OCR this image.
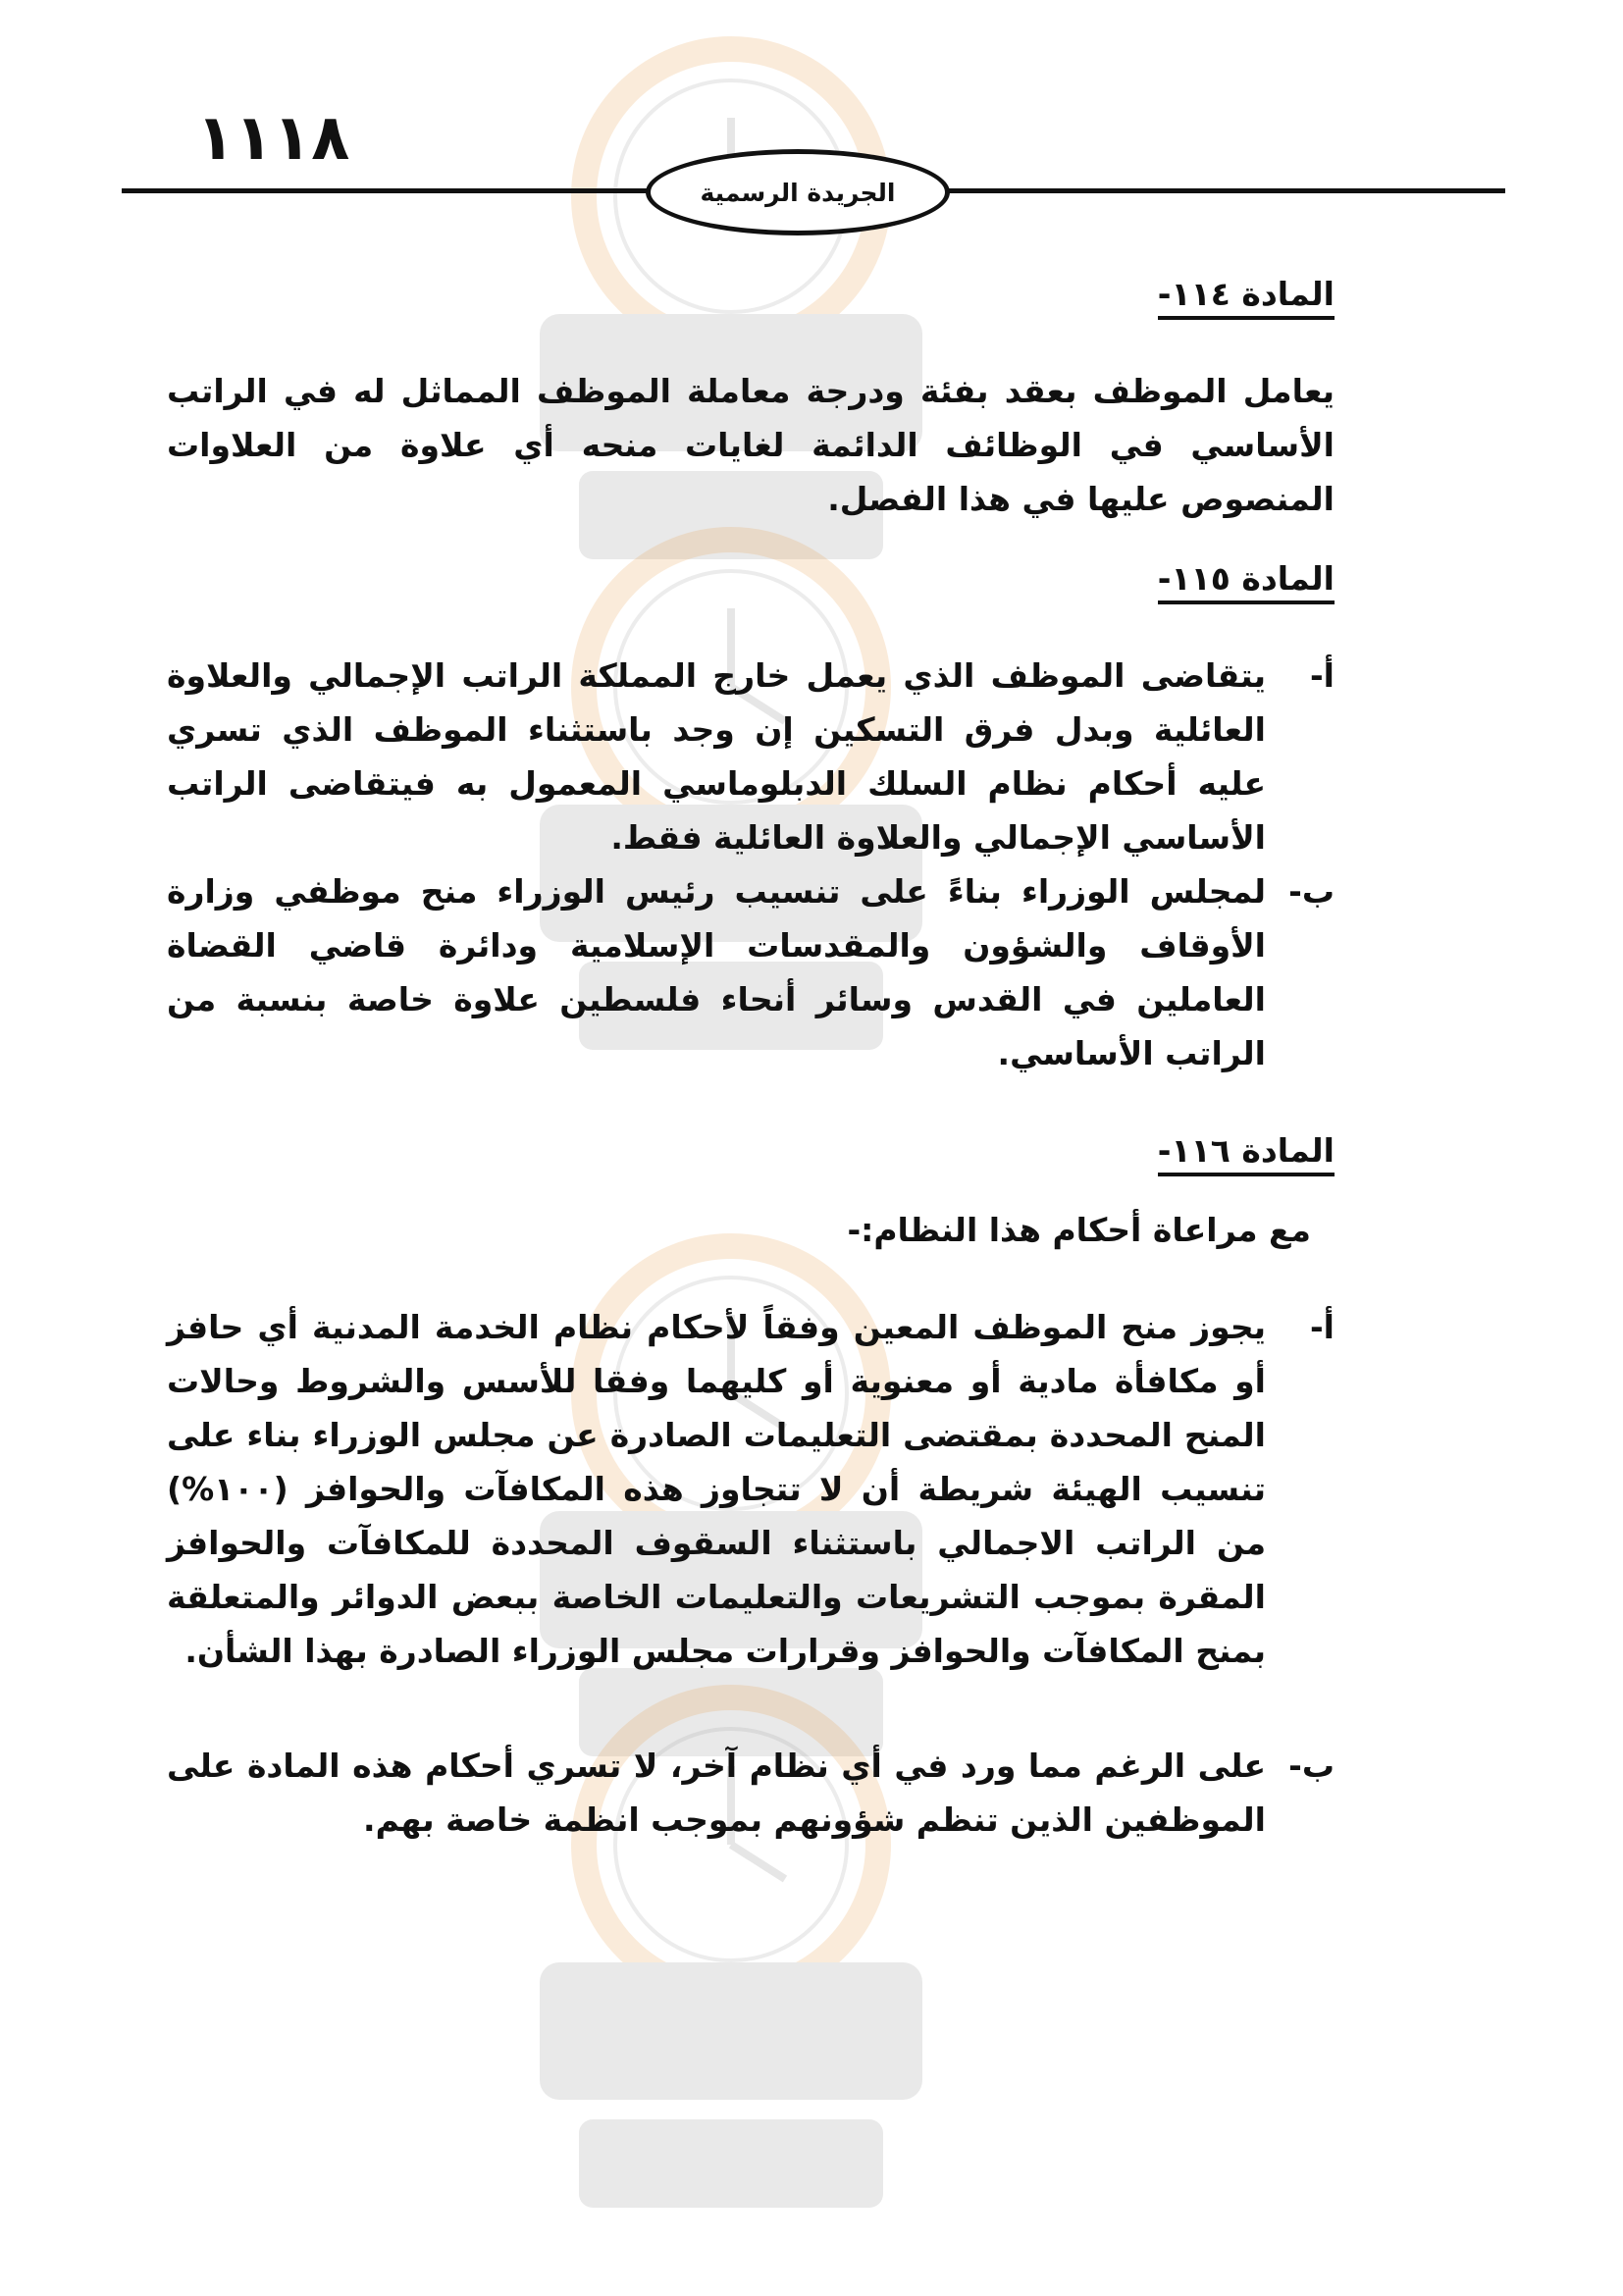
١١١٨
الجريدة الرسمية
المادة ١١٤-

يعامل الموظف بعقد بفئة ودرجة معاملة الموظف المماثل له في الراتب الأساسي في الوظائف الدائمة لغايات منحه أي علاوة من العلاوات المنصوص عليها في هذا الفصل.

المادة ١١٥-
أ-
يتقاضى الموظف الذي يعمل خارج المملكة الراتب الإجمالي والعلاوة العائلية وبدل فرق التسكين إن وجد باستثناء الموظف الذي تسري عليه أحكام نظام السلك الدبلوماسي المعمول به فيتقاضى الراتب الأساسي الإجمالي والعلاوة العائلية فقط.
ب-
لمجلس الوزراء بناءً على تنسيب رئيس الوزراء منح موظفي وزارة الأوقاف والشؤون والمقدسات الإسلامية ودائرة قاضي القضاة العاملين في القدس وسائر أنحاء فلسطين علاوة خاصة بنسبة من الراتب الأساسي.
المادة ١١٦-

مع مراعاة أحكام هذا النظام:-

أ-
يجوز منح الموظف المعين وفقاً لأحكام نظام الخدمة المدنية أي حافز أو مكافأة مادية أو معنوية أو كليهما وفقا للأسس والشروط وحالات المنح المحددة بمقتضى التعليمات الصادرة عن مجلس الوزراء بناء على تنسيب الهيئة شريطة أن لا تتجاوز هذه المكافآت والحوافز (١٠٠%) من الراتب الاجمالي باستثناء السقوف المحددة للمكافآت والحوافز المقرة بموجب التشريعات والتعليمات الخاصة ببعض الدوائر والمتعلقة بمنح المكافآت والحوافز وقرارات مجلس الوزراء الصادرة بهذا الشأن.
ب-
على الرغم مما ورد في أي نظام آخر، لا تسري أحكام هذه المادة على الموظفين الذين تنظم شؤونهم بموجب انظمة خاصة بهم.
